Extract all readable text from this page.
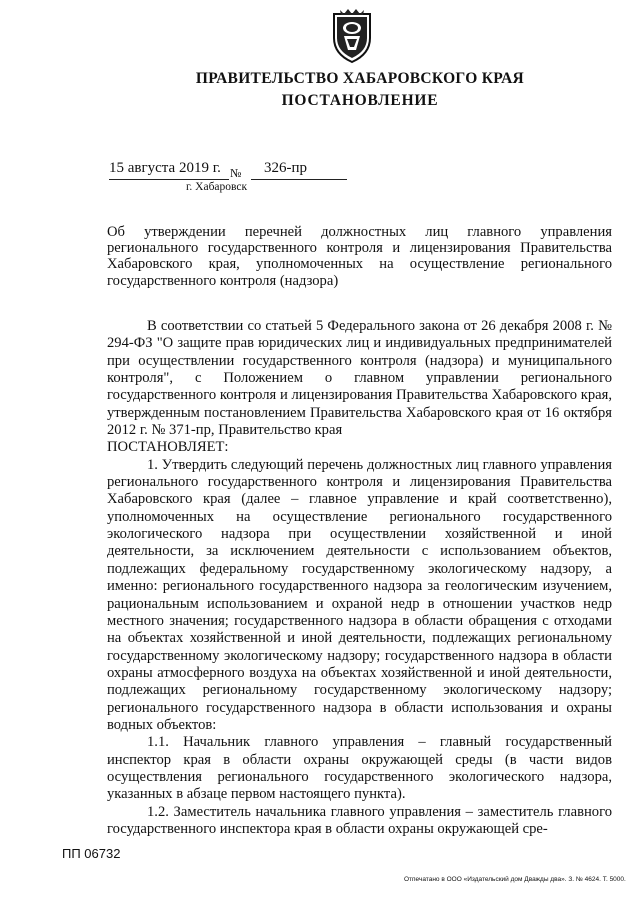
ПРАВИТЕЛЬСТВО ХАБАРОВСКОГО КРАЯ
ПОСТАНОВЛЕНИЕ
15 августа 2019 г. № 326-пр
г. Хабаровск

Об утверждении перечней должностных лиц главного управления регионального государственного контроля и лицензирования Правительства Хабаровского края, уполномоченных на осуществление регионального государственного контроля (надзора)

В соответствии со статьей 5 Федерального закона от 26 декабря 2008 г. № 294-ФЗ "О защите прав юридических лиц и индивидуальных предпринимателей при осуществлении государственного контроля (надзора) и муниципального контроля", с Положением о главном управлении регионального государственного контроля и лицензирования Правительства Хабаровского края, утвержденным постановлением Правительства Хабаровского края от 16 октября 2012 г. № 371-пр, Правительство края

ПОСТАНОВЛЯЕТ:

1. Утвердить следующий перечень должностных лиц главного управления регионального государственного контроля и лицензирования Правительства Хабаровского края (далее – главное управление и край соответственно), уполномоченных на осуществление регионального государственного экологического надзора при осуществлении хозяйственной и иной деятельности, за исключением деятельности с использованием объектов, подлежащих федеральному государственному экологическому надзору, а именно: регионального государственного надзора за геологическим изучением, рациональным использованием и охраной недр в отношении участков недр местного значения; государственного надзора в области обращения с отходами на объектах хозяйственной и иной деятельности, подлежащих региональному государственному экологическому надзору; государственного надзора в области охраны атмосферного воздуха на объектах хозяйственной и иной деятельности, подлежащих региональному государственному экологическому надзору; регионального государственного надзора в области использования и охраны водных объектов:

1.1. Начальник главного управления – главный государственный инспектор края в области охраны окружающей среды (в части видов осуществления регионального государственного экологического надзора, указанных в абзаце первом настоящего пункта).

1.2. Заместитель начальника главного управления – заместитель главного государственного инспектора края в области охраны окружающей сре-

ПП 06732
Отпечатано в ООО «Издательский дом Дважды два». З. № 4624. Т. 5000.
